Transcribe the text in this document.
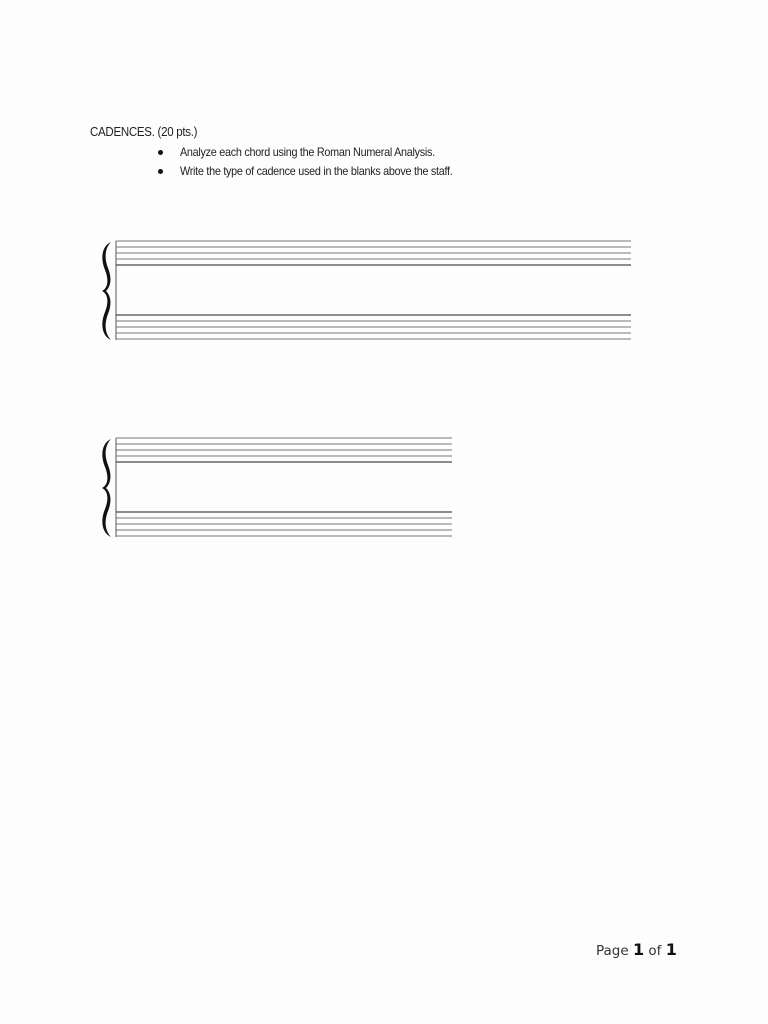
CADENCES. (20 pts.)
Analyze each chord using the Roman Numeral Analysis.
Write the type of cadence used in the blanks above the staff.
Page 1 of 1
